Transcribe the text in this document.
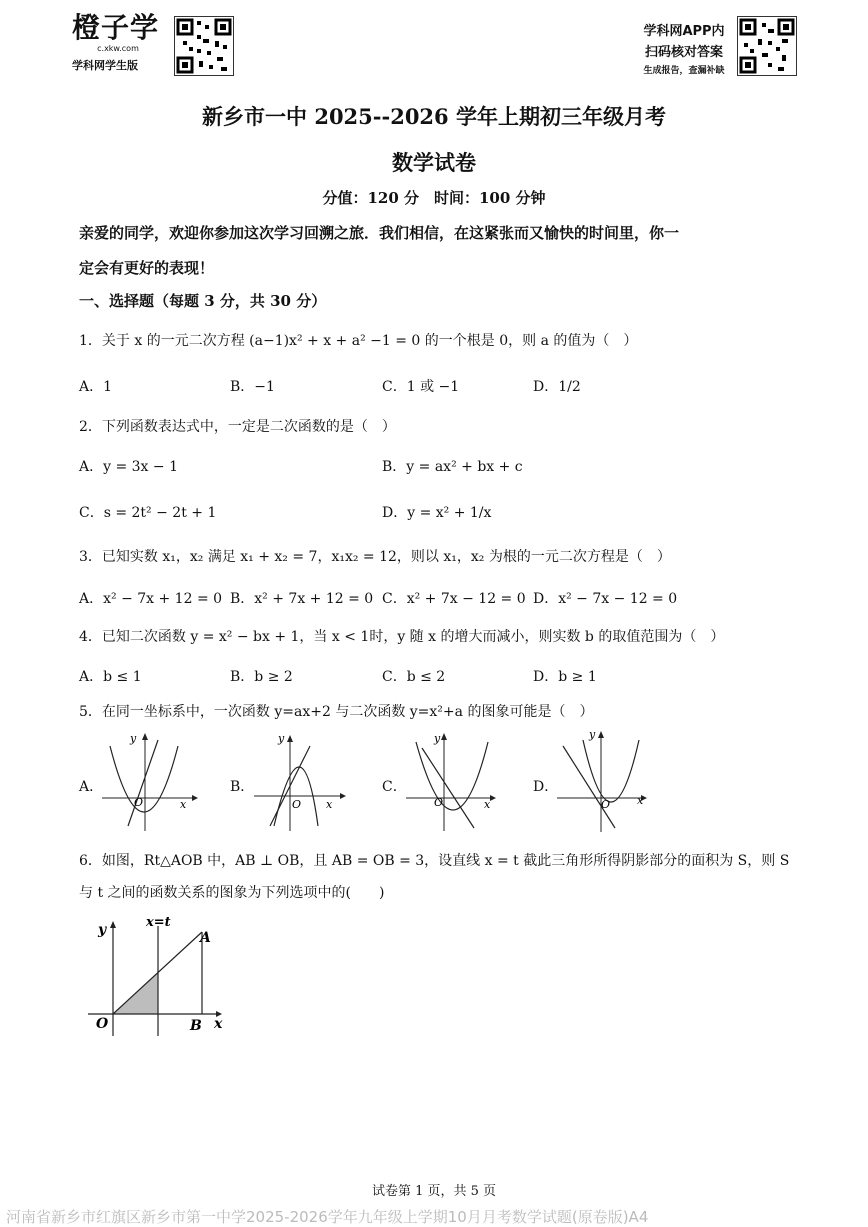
橙子学
c.xkw.com
学科网学生版
学科网APP内
扫码核对答案
生成报告，查漏补缺
新乡市一中 2025--2026 学年上期初三年级月考
数学试卷
分值：120 分　时间：100 分钟
亲爱的同学，欢迎你参加这次学习回溯之旅．我们相信，在这紧张而又愉快的时间里，你一
定会有更好的表现！
一、选择题（每题 3 分，共 30 分）
1．关于 x 的一元二次方程 (a−1)x² + x + a² −1 = 0 的一个根是 0，则 a 的值为（　）
A．1	B．−1	C．1 或 −1	D．1/2
2．下列函数表达式中，一定是二次函数的是（　）
A．y = 3x − 1	B．y = ax² + bx + c
C．s = 2t² − 2t + 1	D．y = x² + 1/x
3．已知实数 x₁，x₂ 满足 x₁ + x₂ = 7，x₁x₂ = 12，则以 x₁，x₂ 为根的一元二次方程是（　）
A．x² − 7x + 12 = 0 B．x² + 7x + 12 = 0 C．x² + 7x − 12 = 0 D．x² − 7x − 12 = 0
4．已知二次函数 y = x² − bx + 1，当 x < 1时，y 随 x 的增大而减小，则实数 b 的取值范围为（　）
A．b ≤ 1	B．b ≥ 2	C．b ≤ 2	D．b ≥ 1
5．在同一坐标系中，一次函数 y=ax+2 与二次函数 y=x²+a 的图象可能是（　）
A．
y
O	x
B．
y
O x
C．
y
O	x
D．
y
O x
6．如图，Rt△AOB 中，AB ⊥ OB，且 AB = OB = 3，设直线 x = t 截此三角形所得阴影部分的面积为 S，则 S
与 t 之间的函数关系的图象为下列选项中的(　　)
y	x=t
A
O	B x
试卷第 1 页，共 5 页
河南省新乡市红旗区新乡市第一中学2025-2026学年九年级上学期10月月考数学试题(原卷版)A4
